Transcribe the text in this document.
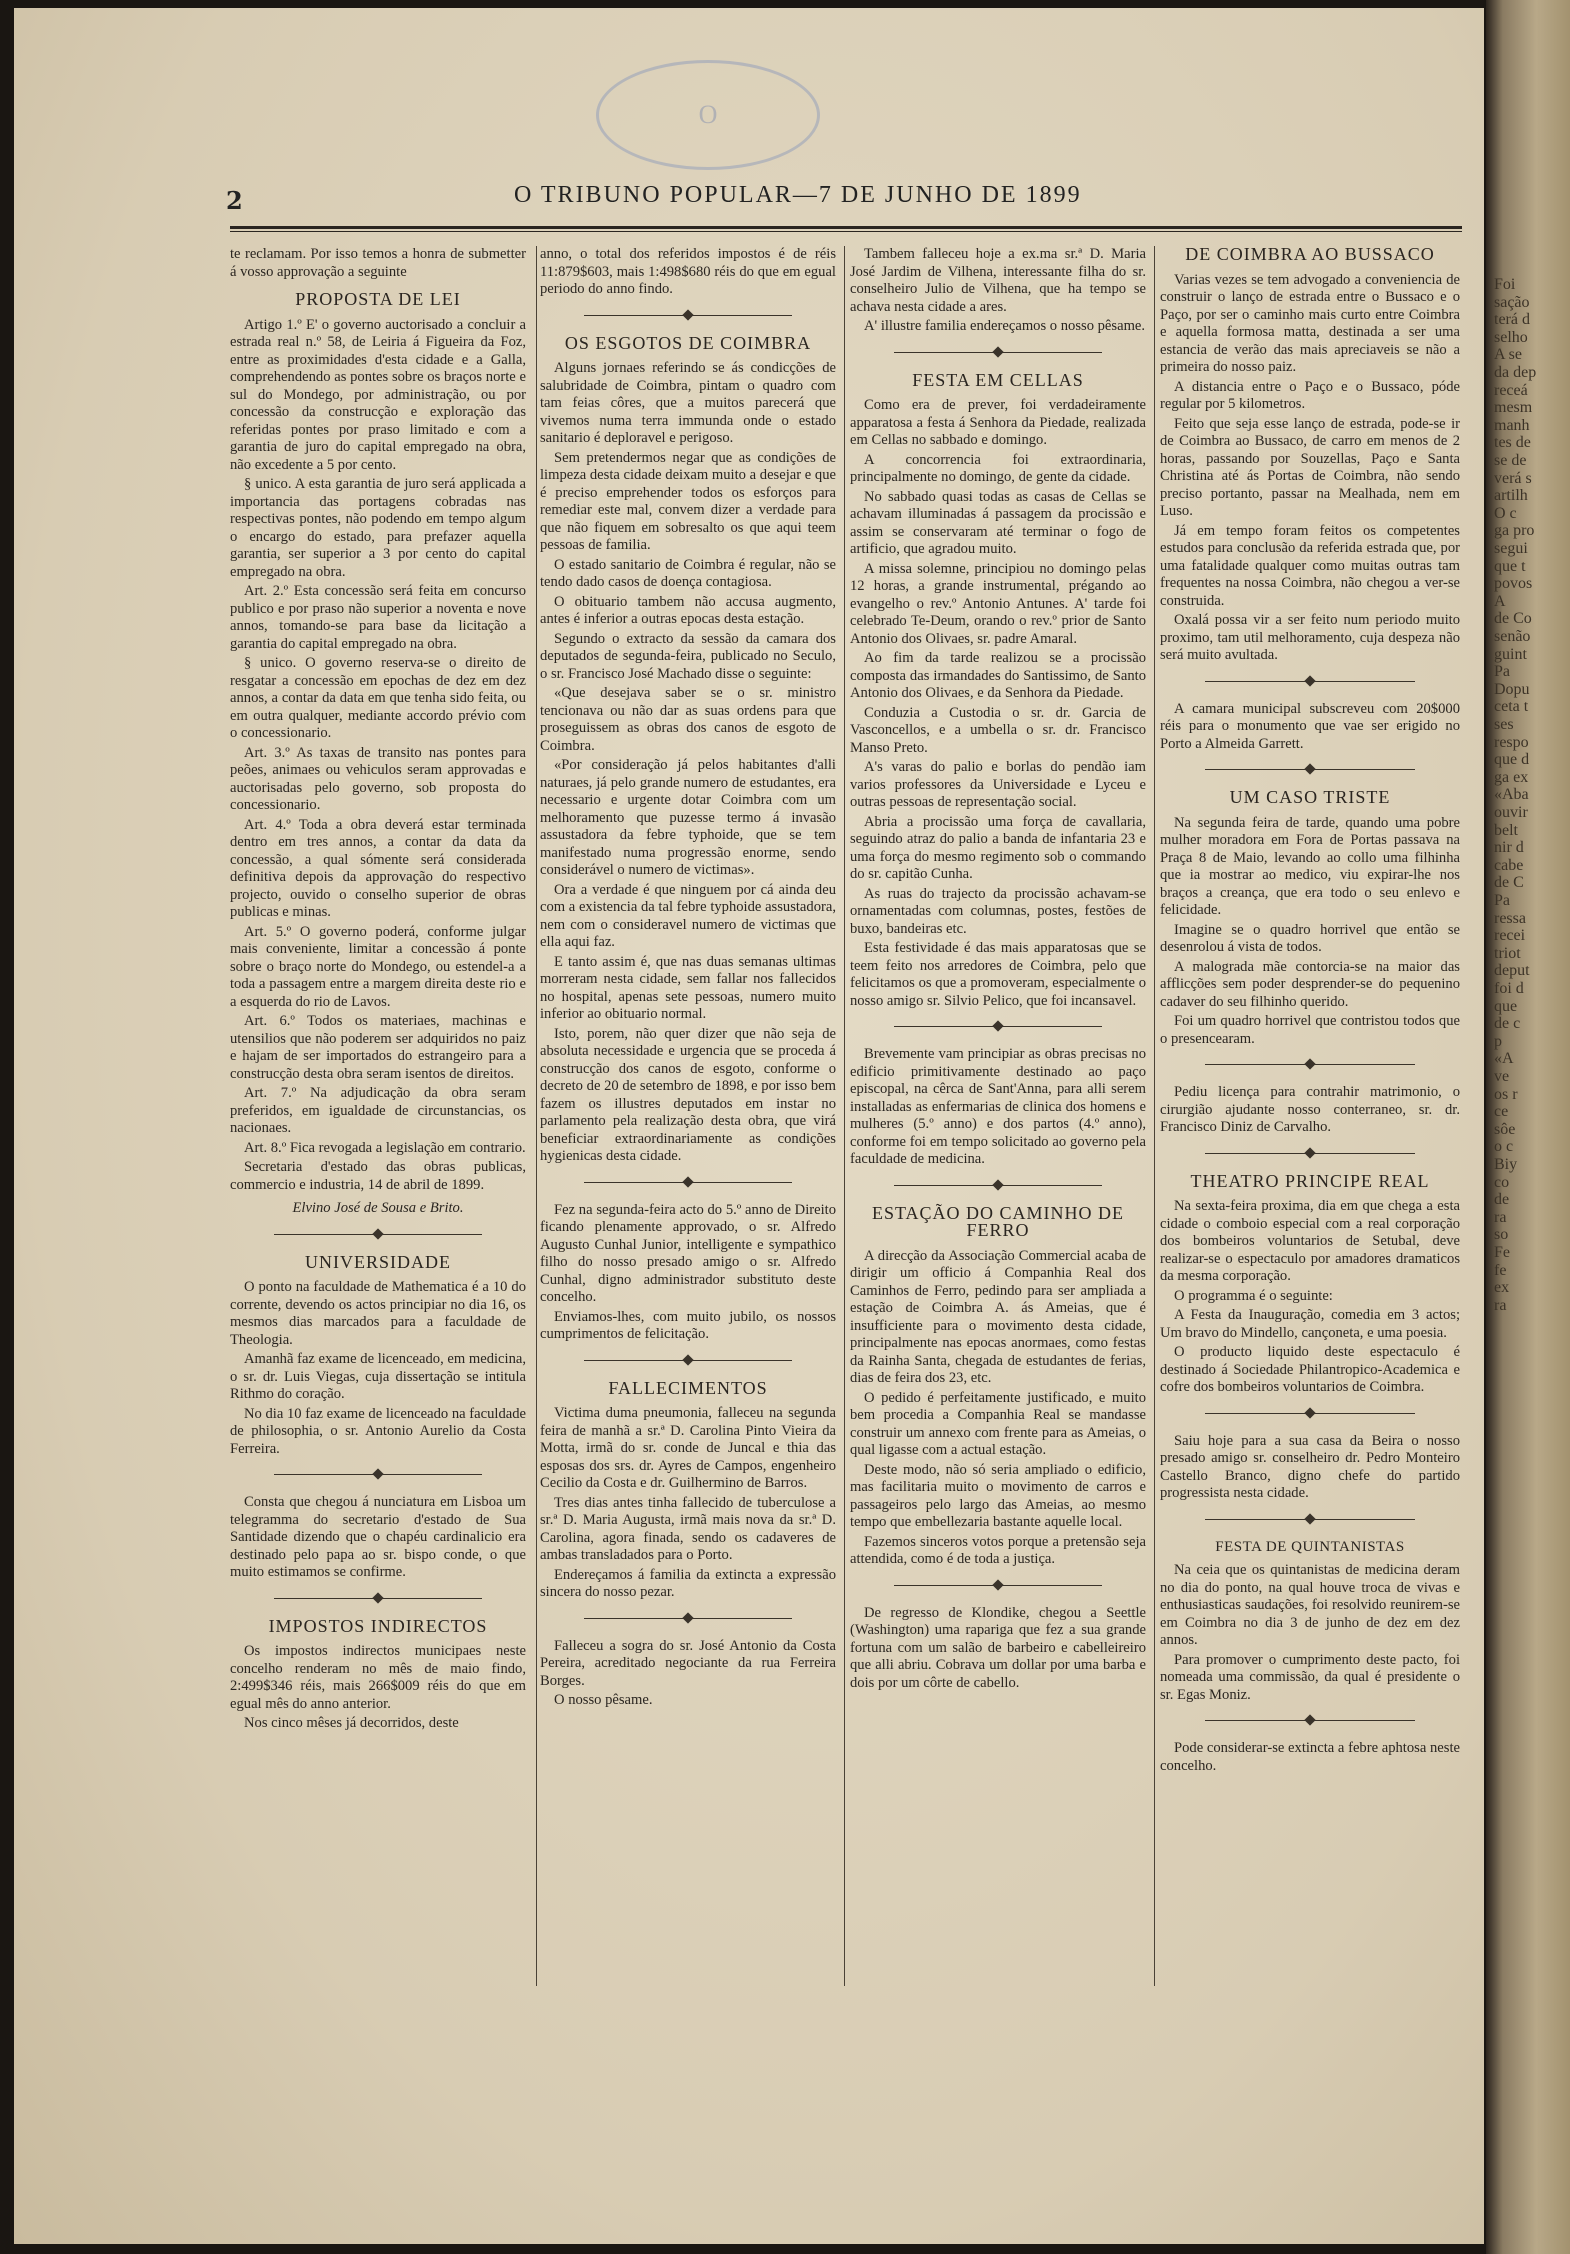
O
2	O TRIBUNO POPULAR—7 DE JUNHO DE 1899

te reclamam. Por isso temos a honra de submetter á vosso approvação a seguinte

PROPOSTA DE LEI

Artigo 1.º E' o governo auctorisado a concluir a estrada real n.º 58, de Leiria á Figueira da Foz, entre as proximidades d'esta cidade e a Galla, comprehendendo as pontes sobre os braços norte e sul do Mondego, por administração, ou por concessão da construcção e exploração das referidas pontes por praso limitado e com a garantia de juro do capital empregado na obra, não excedente a 5 por cento.

§ unico. A esta garantia de juro será applicada a importancia das portagens cobradas nas respectivas pontes, não podendo em tempo algum o encargo do estado, para prefazer aquella garantia, ser superior a 3 por cento do capital empregado na obra.

Art. 2.º Esta concessão será feita em concurso publico e por praso não superior a noventa e nove annos, tomando-se para base da licitação a garantia do capital empregado na obra.

§ unico. O governo reserva-se o direito de resgatar a concessão em epochas de dez em dez annos, a contar da data em que tenha sido feita, ou em outra qualquer, mediante accordo prévio com o concessionario.

Art. 3.º As taxas de transito nas pontes para peões, animaes ou vehiculos seram approvadas e auctorisadas pelo governo, sob proposta do concessionario.

Art. 4.º Toda a obra deverá estar terminada dentro em tres annos, a contar da data da concessão, a qual sómente será considerada definitiva depois da approvação do respectivo projecto, ouvido o conselho superior de obras publicas e minas.

Art. 5.º O governo poderá, conforme julgar mais conveniente, limitar a concessão á ponte sobre o braço norte do Mondego, ou estendel-a a toda a passagem entre a margem direita deste rio e a esquerda do rio de Lavos.

Art. 6.º Todos os materiaes, machinas e utensilios que não poderem ser adquiridos no paiz e hajam de ser importados do estrangeiro para a construcção desta obra seram isentos de direitos.

Art. 7.º Na adjudicação da obra seram preferidos, em igualdade de circunstancias, os nacionaes.

Art. 8.º Fica revogada a legislação em contrario.

Secretaria d'estado das obras publicas, commercio e industria, 14 de abril de 1899.

Elvino José de Sousa e Brito.

UNIVERSIDADE

O ponto na faculdade de Mathematica é a 10 do corrente, devendo os actos principiar no dia 16, os mesmos dias marcados para a faculdade de Theologia.

Amanhã faz exame de licenceado, em medicina, o sr. dr. Luis Viegas, cuja dissertação se intitula Rithmo do coração.

No dia 10 faz exame de licenceado na faculdade de philosophia, o sr. Antonio Aurelio da Costa Ferreira.

Consta que chegou á nunciatura em Lisboa um telegramma do secretario d'estado de Sua Santidade dizendo que o chapéu cardinalicio era destinado pelo papa ao sr. bispo conde, o que muito estimamos se confirme.

IMPOSTOS INDIRECTOS

Os impostos indirectos municipaes neste concelho renderam no mês de maio findo, 2:499$346 réis, mais 266$009 réis do que em egual mês do anno anterior.

Nos cinco mêses já decorridos, deste

anno, o total dos referidos impostos é de réis 11:879$603, mais 1:498$680 réis do que em egual periodo do anno findo.

OS ESGOTOS DE COIMBRA

Alguns jornaes referindo se ás condicções de salubridade de Coimbra, pintam o quadro com tam feias côres, que a muitos parecerá que vivemos numa terra immunda onde o estado sanitario é deploravel e perigoso.

Sem pretendermos negar que as condições de limpeza desta cidade deixam muito a desejar e que é preciso emprehender todos os esforços para remediar este mal, convem dizer a verdade para que não fiquem em sobresalto os que aqui teem pessoas de familia.

O estado sanitario de Coimbra é regular, não se tendo dado casos de doença contagiosa.

O obituario tambem não accusa augmento, antes é inferior a outras epocas desta estação.

Segundo o extracto da sessão da camara dos deputados de segunda-feira, publicado no Seculo, o sr. Francisco José Machado disse o seguinte:

«Que desejava saber se o sr. ministro tencionava ou não dar as suas ordens para que proseguissem as obras dos canos de esgoto de Coimbra.

«Por consideração já pelos habitantes d'alli naturaes, já pelo grande numero de estudantes, era necessario e urgente dotar Coimbra com um melhoramento que puzesse termo á invasão assustadora da febre typhoide, que se tem manifestado numa progressão enorme, sendo considerável o numero de victimas».

Ora a verdade é que ninguem por cá ainda deu com a existencia da tal febre typhoide assustadora, nem com o consideravel numero de victimas que ella aqui faz.

E tanto assim é, que nas duas semanas ultimas morreram nesta cidade, sem fallar nos fallecidos no hospital, apenas sete pessoas, numero muito inferior ao obituario normal.

Isto, porem, não quer dizer que não seja de absoluta necessidade e urgencia que se proceda á construcção dos canos de esgoto, conforme o decreto de 20 de setembro de 1898, e por isso bem fazem os illustres deputados em instar no parlamento pela realização desta obra, que virá beneficiar extraordinariamente as condições hygienicas desta cidade.

Fez na segunda-feira acto do 5.º anno de Direito ficando plenamente approvado, o sr. Alfredo Augusto Cunhal Junior, intelligente e sympathico filho do nosso presado amigo o sr. Alfredo Cunhal, digno administrador substituto deste concelho.

Enviamos-lhes, com muito jubilo, os nossos cumprimentos de felicitação.

FALLECIMENTOS

Victima duma pneumonia, falleceu na segunda feira de manhã a sr.ª D. Carolina Pinto Vieira da Motta, irmã do sr. conde de Juncal e thia das esposas dos srs. dr. Ayres de Campos, engenheiro Cecilio da Costa e dr. Guilhermino de Barros.

Tres dias antes tinha fallecido de tuberculose a sr.ª D. Maria Augusta, irmã mais nova da sr.ª D. Carolina, agora finada, sendo os cadaveres de ambas transladados para o Porto.

Endereçamos á familia da extincta a expressão sincera do nosso pezar.

Falleceu a sogra do sr. José Antonio da Costa Pereira, acreditado negociante da rua Ferreira Borges.

O nosso pêsame.

Tambem falleceu hoje a ex.ma sr.ª D. Maria José Jardim de Vilhena, interessante filha do sr. conselheiro Julio de Vilhena, que ha tempo se achava nesta cidade a ares.

A' illustre familia endereçamos o nosso pêsame.

FESTA EM CELLAS

Como era de prever, foi verdadeiramente apparatosa a festa á Senhora da Piedade, realizada em Cellas no sabbado e domingo.

A concorrencia foi extraordinaria, principalmente no domingo, de gente da cidade.

No sabbado quasi todas as casas de Cellas se achavam illuminadas á passagem da procissão e assim se conservaram até terminar o fogo de artificio, que agradou muito.

A missa solemne, principiou no domingo pelas 12 horas, a grande instrumental, prégando ao evangelho o rev.º Antonio Antunes. A' tarde foi celebrado Te-Deum, orando o rev.º prior de Santo Antonio dos Olivaes, sr. padre Amaral.

Ao fim da tarde realizou se a procissão composta das irmandades do Santissimo, de Santo Antonio dos Olivaes, e da Senhora da Piedade.

Conduzia a Custodia o sr. dr. Garcia de Vasconcellos, e a umbella o sr. dr. Francisco Manso Preto.

A's varas do palio e borlas do pendão iam varios professores da Universidade e Lyceu e outras pessoas de representação social.

Abria a procissão uma força de cavallaria, seguindo atraz do palio a banda de infantaria 23 e uma força do mesmo regimento sob o commando do sr. capitão Cunha.

As ruas do trajecto da procissão achavam-se ornamentadas com columnas, postes, festões de buxo, bandeiras etc.

Esta festividade é das mais apparatosas que se teem feito nos arredores de Coimbra, pelo que felicitamos os que a promoveram, especialmente o nosso amigo sr. Silvio Pelico, que foi incansavel.

Brevemente vam principiar as obras precisas no edificio primitivamente destinado ao paço episcopal, na cêrca de Sant'Anna, para alli serem installadas as enfermarias de clinica dos homens e mulheres (5.º anno) e dos partos (4.º anno), conforme foi em tempo solicitado ao governo pela faculdade de medicina.

ESTAÇÃO DO CAMINHO DE FERRO

A direcção da Associação Commercial acaba de dirigir um officio á Companhia Real dos Caminhos de Ferro, pedindo para ser ampliada a estação de Coimbra A. ás Ameias, que é insufficiente para o movimento desta cidade, principalmente nas epocas anormaes, como festas da Rainha Santa, chegada de estudantes de ferias, dias de feira dos 23, etc.

O pedido é perfeitamente justificado, e muito bem procedia a Companhia Real se mandasse construir um annexo com frente para as Ameias, o qual ligasse com a actual estação.

Deste modo, não só seria ampliado o edificio, mas facilitaria muito o movimento de carros e passageiros pelo largo das Ameias, ao mesmo tempo que embellezaria bastante aquelle local.

Fazemos sinceros votos porque a pretensão seja attendida, como é de toda a justiça.

De regresso de Klondike, chegou a Seettle (Washington) uma rapariga que fez a sua grande fortuna com um salão de barbeiro e cabelleireiro que alli abriu. Cobrava um dollar por uma barba e dois por um côrte de cabello.

DE COIMBRA AO BUSSACO

Varias vezes se tem advogado a conveniencia de construir o lanço de estrada entre o Bussaco e o Paço, por ser o caminho mais curto entre Coimbra e aquella formosa matta, destinada a ser uma estancia de verão das mais apreciaveis se não a primeira do nosso paiz.

A distancia entre o Paço e o Bussaco, póde regular por 5 kilometros.

Feito que seja esse lanço de estrada, pode-se ir de Coimbra ao Bussaco, de carro em menos de 2 horas, passando por Souzellas, Paço e Santa Christina até ás Portas de Coimbra, não sendo preciso portanto, passar na Mealhada, nem em Luso.

Já em tempo foram feitos os competentes estudos para conclusão da referida estrada que, por uma fatalidade qualquer como muitas outras tam frequentes na nossa Coimbra, não chegou a ver-se construida.

Oxalá possa vir a ser feito num periodo muito proximo, tam util melhoramento, cuja despeza não será muito avultada.

A camara municipal subscreveu com 20$000 réis para o monumento que vae ser erigido no Porto a Almeida Garrett.

UM CASO TRISTE

Na segunda feira de tarde, quando uma pobre mulher moradora em Fora de Portas passava na Praça 8 de Maio, levando ao collo uma filhinha que ia mostrar ao medico, viu expirar-lhe nos braços a creança, que era todo o seu enlevo e felicidade.

Imagine se o quadro horrivel que então se desenrolou á vista de todos.

A malograda mãe contorcia-se na maior das afflicções sem poder desprender-se do pequenino cadaver do seu filhinho querido.

Foi um quadro horrivel que contristou todos que o presencearam.

Pediu licença para contrahir matrimonio, o cirurgião ajudante nosso conterraneo, sr. dr. Francisco Diniz de Carvalho.

THEATRO PRINCIPE REAL

Na sexta-feira proxima, dia em que chega a esta cidade o comboio especial com a real corporação dos bombeiros voluntarios de Setubal, deve realizar-se o espectaculo por amadores dramaticos da mesma corporação.

O programma é o seguinte:

A Festa da Inauguração, comedia em 3 actos; Um bravo do Mindello, cançoneta, e uma poesia.

O producto liquido deste espectaculo é destinado á Sociedade Philantropico-Academica e cofre dos bombeiros voluntarios de Coimbra.

Saiu hoje para a sua casa da Beira o nosso presado amigo sr. conselheiro dr. Pedro Monteiro Castello Branco, digno chefe do partido progressista nesta cidade.

FESTA DE QUINTANISTAS

Na ceia que os quintanistas de medicina deram no dia do ponto, na qual houve troca de vivas e enthusiasticas saudações, foi resolvido reunirem-se em Coimbra no dia 3 de junho de dez em dez annos.

Para promover o cumprimento deste pacto, foi nomeada uma commissão, da qual é presidente o sr. Egas Moniz.

Pode considerar-se extincta a febre aphtosa neste concelho.

Foi
sação
terá d
selho
A se
da dep
receá
mesm
manh
tes de
se de
verá s
artilh
O c
ga pro
segui
que t
povos
A
de Co
senão
guint
Pa
Dopu
ceta t
ses
respo
que d
ga ex
«Aba
ouvir
belt
nir d
cabe
de C
Pa
ressa
recei
triot
deput
foi d
que
de c
p
«A
ve
os r
ce
sôe
o c
Biy
co
de
ra
so
Fe
fe
ex
ra
